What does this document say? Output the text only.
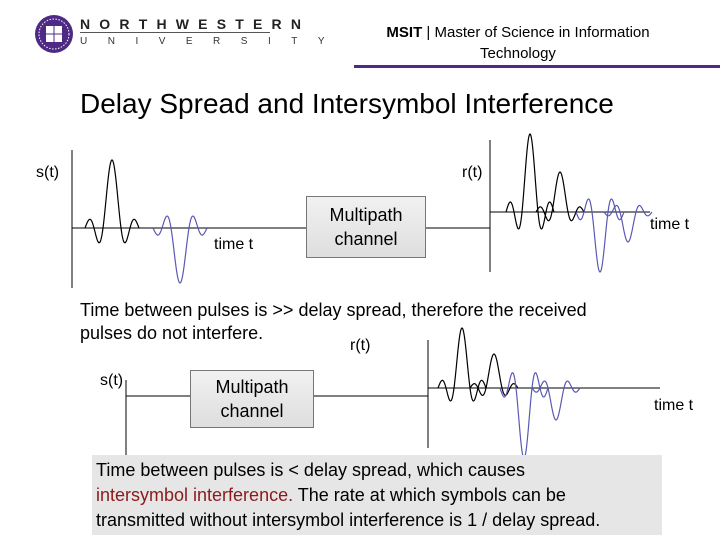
NORTHWESTERN
UNIVERSITY
MSIT | Master of Science in Information
Technology
Delay Spread and Intersymbol Interference
s(t)
time t
Multipath
channel
r(t)
time t
Time between pulses is >> delay spread, therefore the received
pulses do not interfere.
s(t)	Multipath
channel
r(t)
time t
Time between pulses is < delay spread, which causes
intersymbol interference. The rate at which symbols can be
transmitted without intersymbol interference is 1 / delay spread.
